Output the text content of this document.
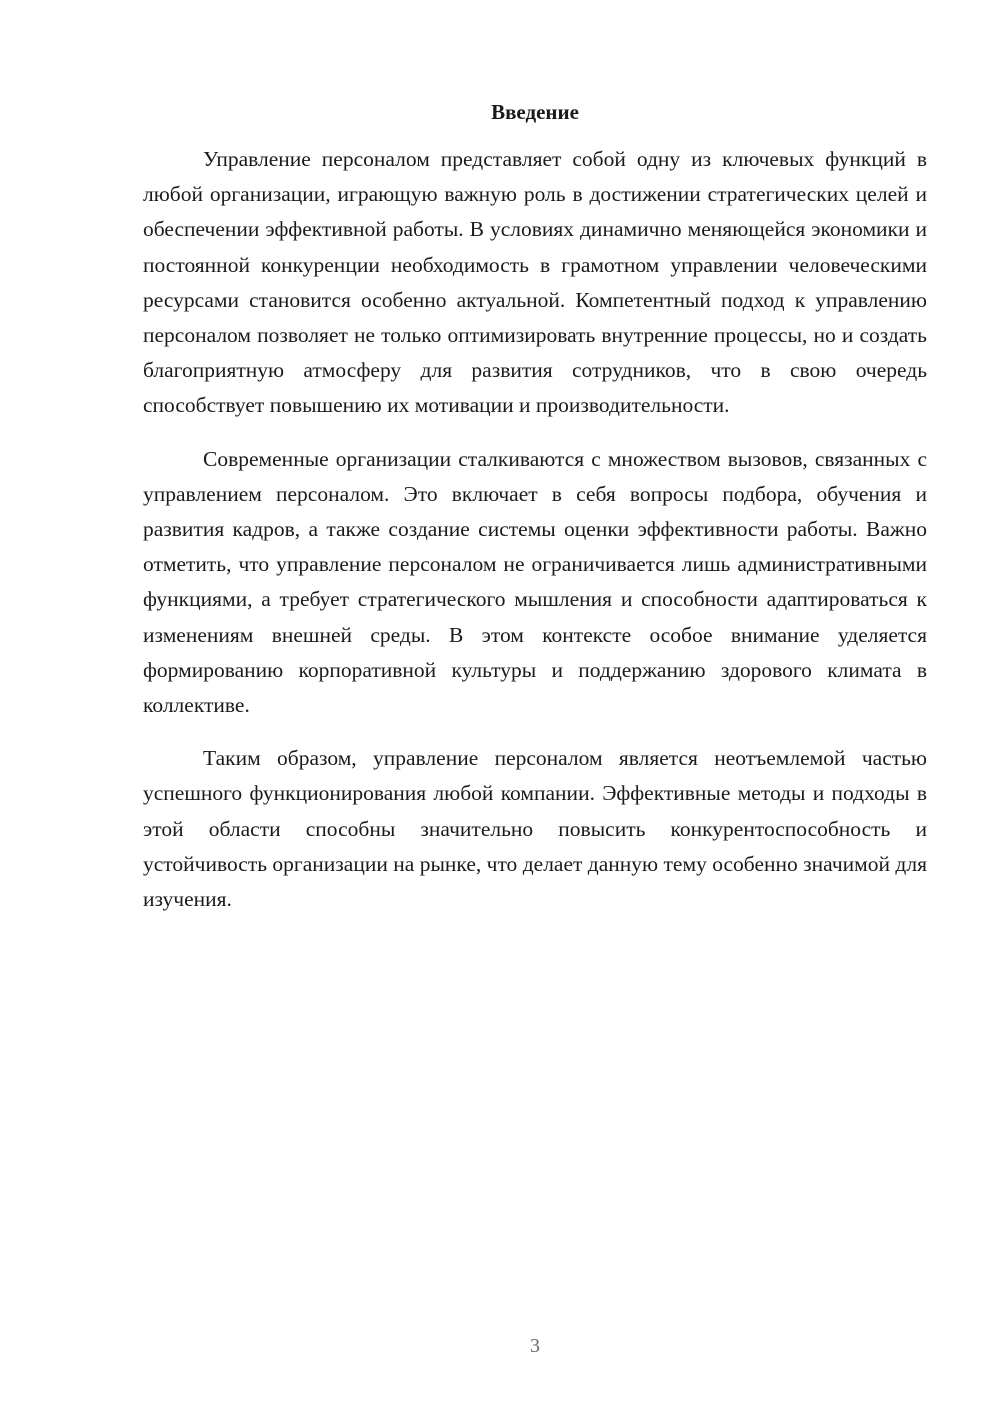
Введение

Управление персоналом представляет собой одну из ключевых функций в любой организации, играющую важную роль в достижении стратегических целей и обеспечении эффективной работы. В условиях динамично меняющейся экономики и постоянной конкуренции необходимость в грамотном управлении человеческими ресурсами становится особенно актуальной. Компетентный подход к управлению персоналом позволяет не только оптимизировать внутренние процессы, но и создать благоприятную атмосферу для развития сотрудников, что в свою очередь способствует повышению их мотивации и производительности.

Современные организации сталкиваются с множеством вызовов, связанных с управлением персоналом. Это включает в себя вопросы подбора, обучения и развития кадров, а также создание системы оценки эффективности работы. Важно отметить, что управление персоналом не ограничивается лишь административными функциями, а требует стратегического мышления и способности адаптироваться к изменениям внешней среды. В этом контексте особое внимание уделяется формированию корпоративной культуры и поддержанию здорового климата в коллективе.

Таким образом, управление персоналом является неотъемлемой частью успешного функционирования любой компании. Эффективные методы и подходы в этой области способны значительно повысить конкурентоспособность и устойчивость организации на рынке, что делает данную тему особенно значимой для изучения.

3
